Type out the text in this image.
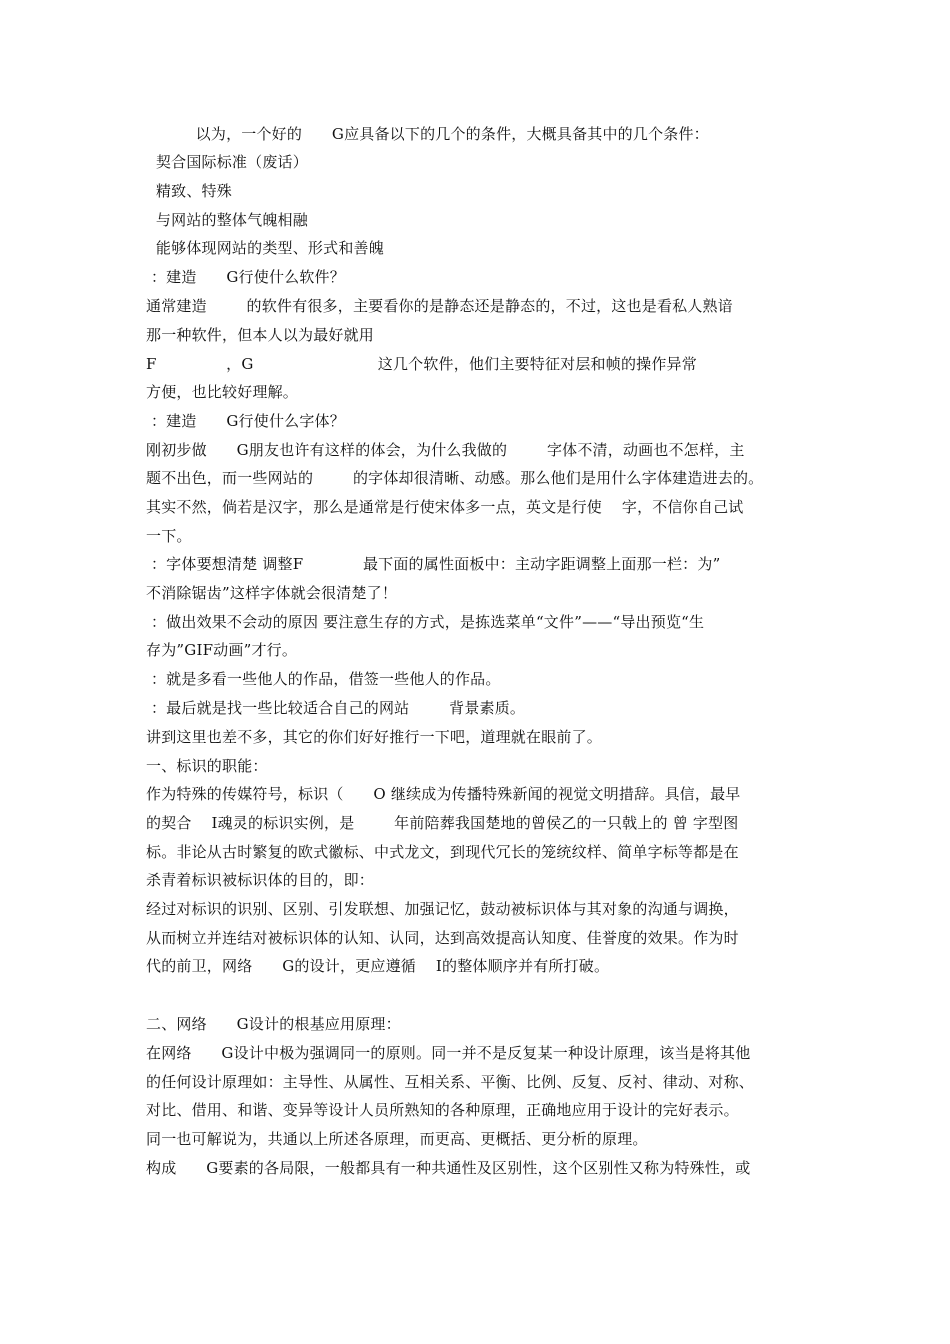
以为，一个好的      G应具备以下的几个的条件，大概具备其中的几个条件：
契合国际标准（废话）
精致、特殊
与网站的整体气魄相融
能够体现网站的类型、形式和善魄
：建造      G行使什么软件？
通常建造        的软件有很多，主要看你的是静态还是静态的，不过，这也是看私人熟谙
那一种软件，但本人以为最好就用
F              ，G                         这几个软件，他们主要特征对层和帧的操作异常
方便，也比较好理解。
：建造      G行使什么字体？
刚初步做      G朋友也许有这样的体会，为什么我做的        字体不清，动画也不怎样，主
题不出色，而一些网站的        的字体却很清晰、动感。那么他们是用什么字体建造进去的。
其实不然，倘若是汉字，那么是通常是行使宋体多一点，英文是行使    字，不信你自己试
一下。
：字体要想清楚 调整F            最下面的属性面板中：主动字距调整上面那一栏：为”
不消除锯齿”这样字体就会很清楚了！
：做出效果不会动的原因 要注意生存的方式，是拣选菜单“文件”——“导出预览“生
存为”GIF动画”才行。
：就是多看一些他人的作品，借签一些他人的作品。
：最后就是找一些比较适合自己的网站        背景素质。
讲到这里也差不多，其它的你们好好推行一下吧，道理就在眼前了。
一、标识的职能：
作为特殊的传媒符号，标识（      O 继续成为传播特殊新闻的视觉文明措辞。具信，最早
的契合    I魂灵的标识实例，是        年前陪葬我国楚地的曾侯乙的一只戟上的 曾 字型图
标。非论从古时繁复的欧式徽标、中式龙文，到现代冗长的笼统纹样、简单字标等都是在
杀青着标识被标识体的目的，即：
经过对标识的识别、区别、引发联想、加强记忆，鼓动被标识体与其对象的沟通与调换，
从而树立并连结对被标识体的认知、认同，达到高效提高认知度、佳誉度的效果。作为时
代的前卫，网络      G的设计，更应遵循    I的整体顺序并有所打破。
二、网络      G设计的根基应用原理：
在网络      G设计中极为强调同一的原则。同一并不是反复某一种设计原理，该当是将其他
的任何设计原理如：主导性、从属性、互相关系、平衡、比例、反复、反衬、律动、对称、
对比、借用、和谐、变异等设计人员所熟知的各种原理，正确地应用于设计的完好表示。
同一也可解说为，共通以上所述各原理，而更高、更概括、更分析的原理。
构成      G要素的各局限，一般都具有一种共通性及区别性，这个区别性又称为特殊性，或
